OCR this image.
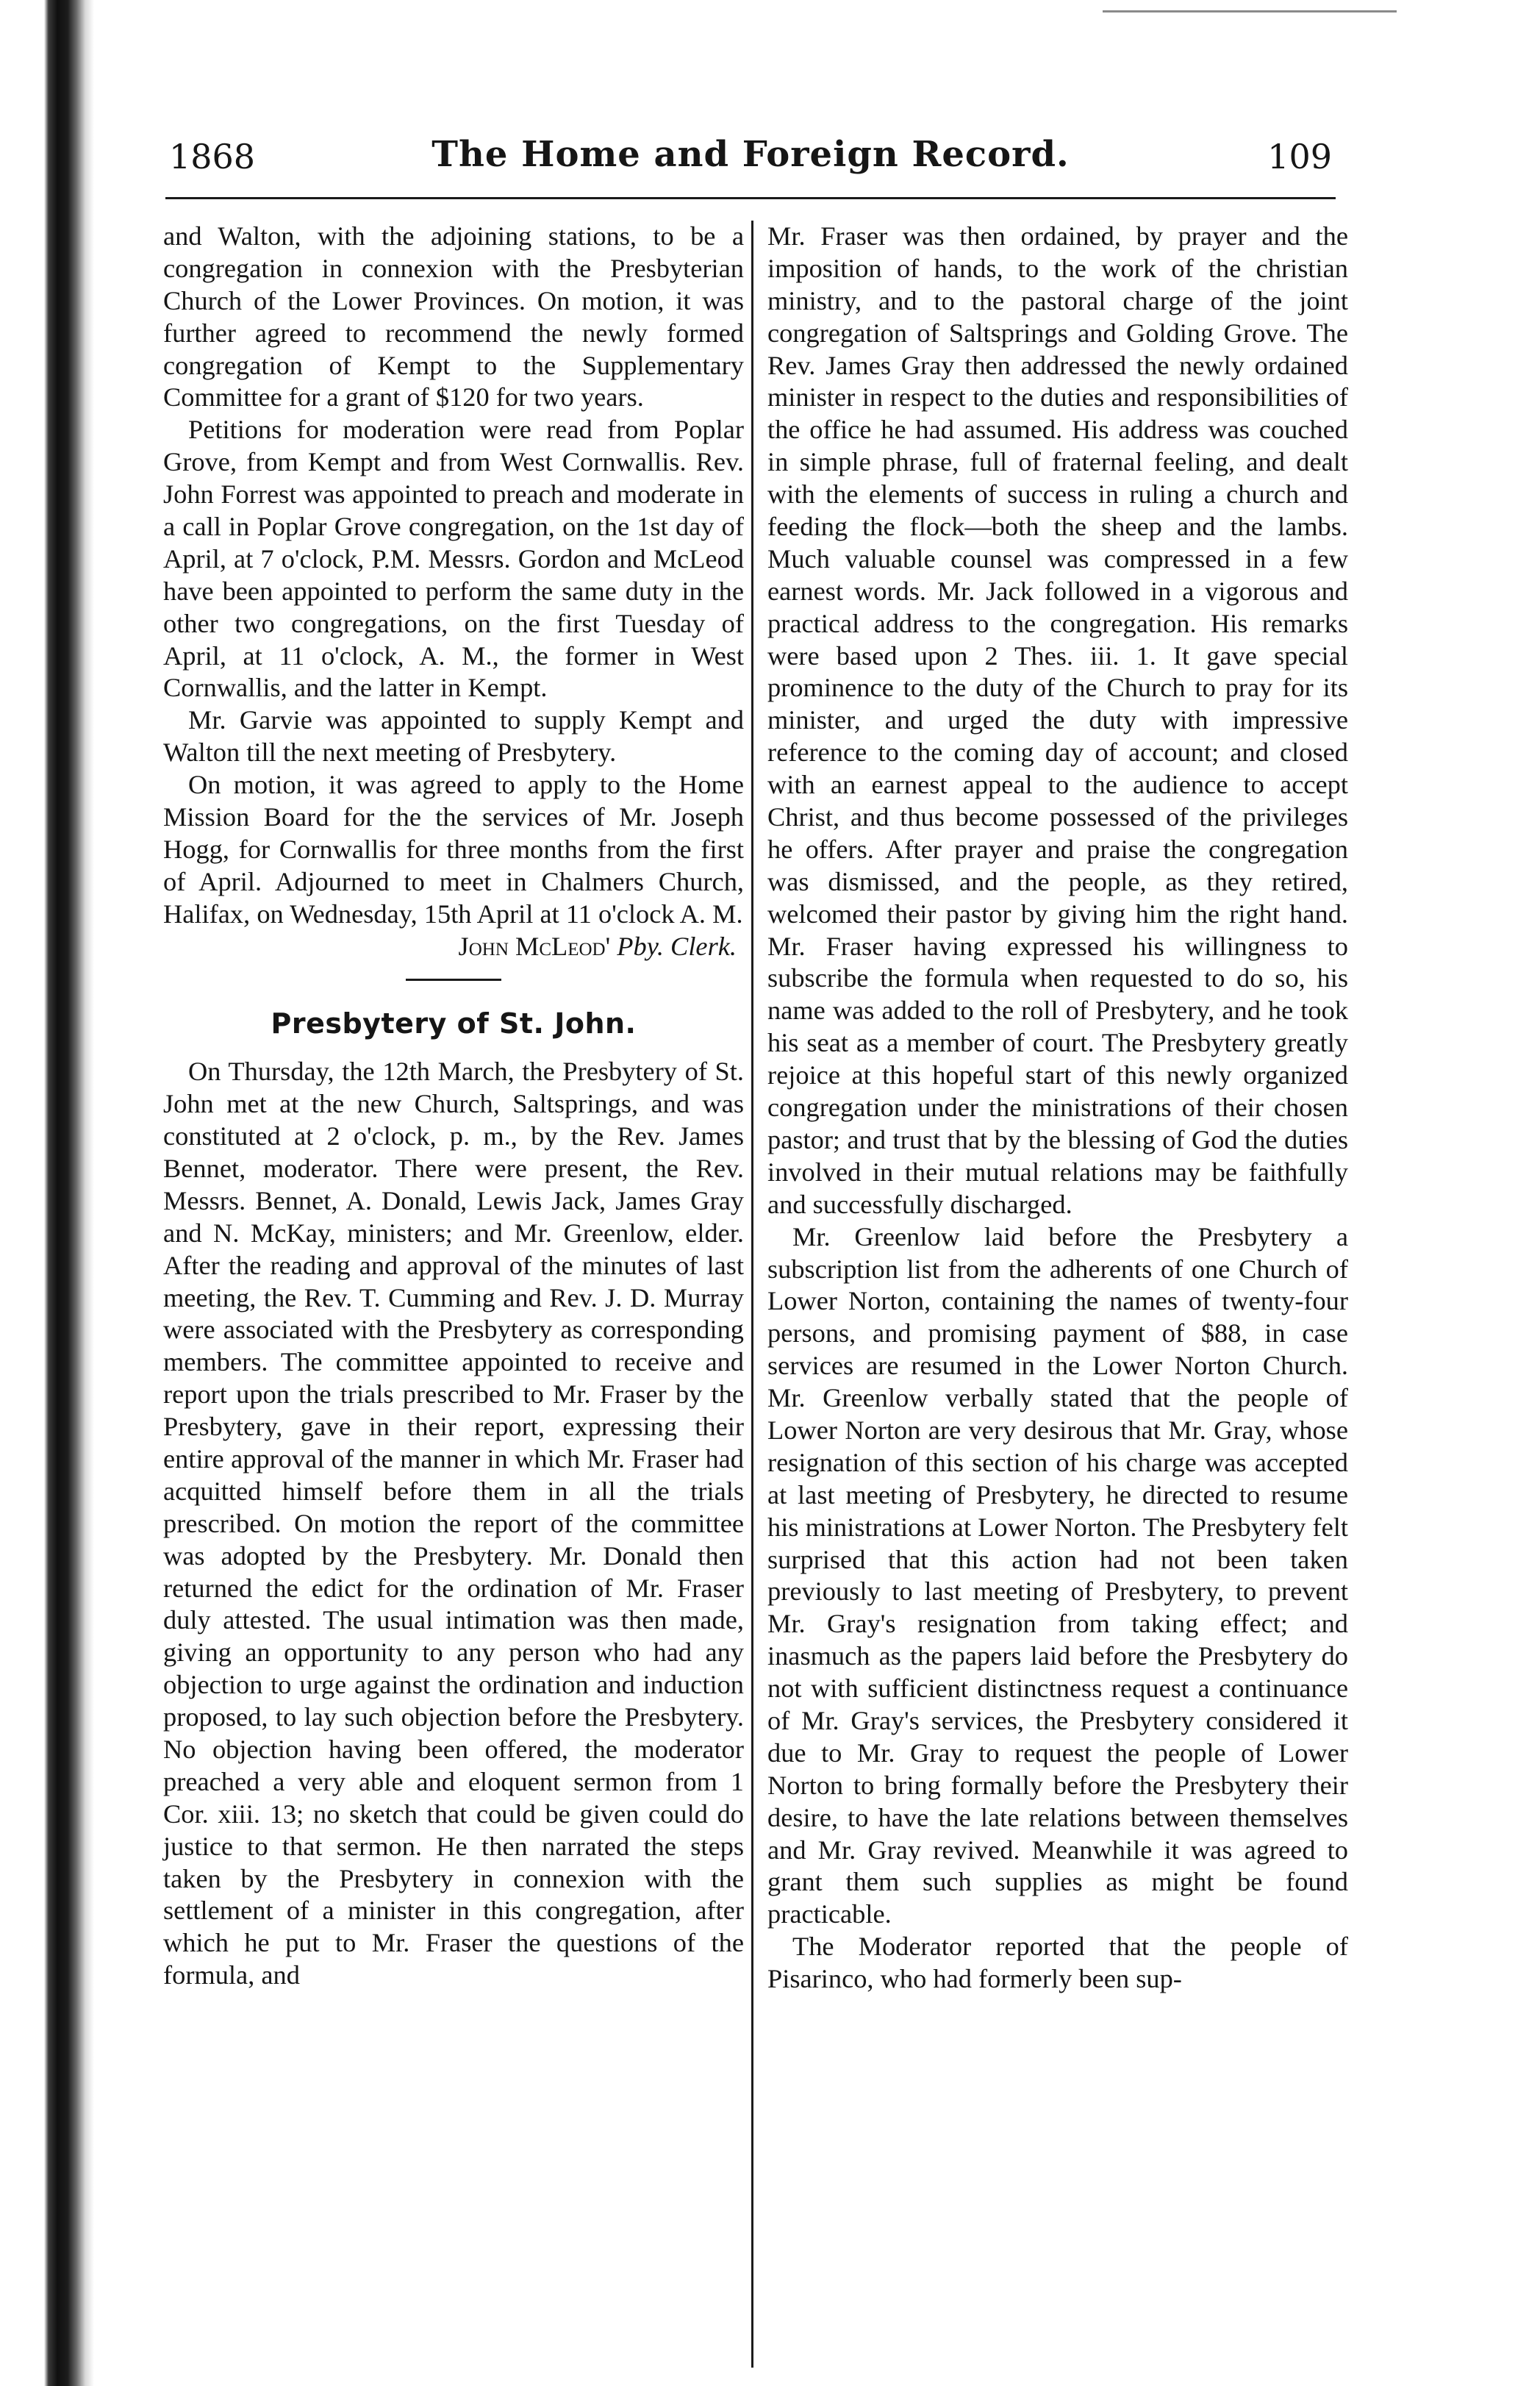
1868	The Home and Foreign Record.	109

and Walton, with the adjoining stations, to be a congregation in connexion with the Presbyterian Church of the Lower Provinces. On motion, it was further agreed to recommend the newly formed congregation of Kempt to the Supplementary Committee for a grant of $120 for two years.

Petitions for moderation were read from Poplar Grove, from Kempt and from West Cornwallis. Rev. John Forrest was appointed to preach and moderate in a call in Poplar Grove congregation, on the 1st day of April, at 7 o'clock, P.M. Messrs. Gordon and McLeod have been appointed to perform the same duty in the other two congregations, on the first Tuesday of April, at 11 o'clock, A. M., the former in West Cornwallis, and the latter in Kempt.

Mr. Garvie was appointed to supply Kempt and Walton till the next meeting of Presbytery.

On motion, it was agreed to apply to the Home Mission Board for the the services of Mr. Joseph Hogg, for Cornwallis for three months from the first of April. Adjourned to meet in Chalmers Church, Halifax, on Wednesday, 15th April at 11 o'clock A. M.

John McLeod' Pby. Clerk.

Presbytery of St. John.

On Thursday, the 12th March, the Presbytery of St. John met at the new Church, Saltsprings, and was constituted at 2 o'clock, p. m., by the Rev. James Bennet, moderator. There were present, the Rev. Messrs. Bennet, A. Donald, Lewis Jack, James Gray and N. McKay, ministers; and Mr. Greenlow, elder. After the reading and approval of the minutes of last meeting, the Rev. T. Cumming and Rev. J. D. Murray were associated with the Presbytery as corresponding members. The committee appointed to receive and report upon the trials prescribed to Mr. Fraser by the Presbytery, gave in their report, expressing their entire approval of the manner in which Mr. Fraser had acquitted himself before them in all the trials prescribed. On motion the report of the committee was adopted by the Presbytery. Mr. Donald then returned the edict for the ordination of Mr. Fraser duly attested. The usual intimation was then made, giving an opportunity to any person who had any objection to urge against the ordination and induction proposed, to lay such objection before the Presbytery. No objection having been offered, the moderator preached a very able and eloquent sermon from 1 Cor. xiii. 13; no sketch that could be given could do justice to that sermon. He then narrated the steps taken by the Presbytery in connexion with the settlement of a minister in this congregation, after which he put to Mr. Fraser the questions of the formula, and

Mr. Fraser was then ordained, by prayer and the imposition of hands, to the work of the christian ministry, and to the pastoral charge of the joint congregation of Saltsprings and Golding Grove. The Rev. James Gray then addressed the newly ordained minister in respect to the duties and responsibilities of the office he had assumed. His address was couched in simple phrase, full of fraternal feeling, and dealt with the elements of success in ruling a church and feeding the flock—both the sheep and the lambs. Much valuable counsel was compressed in a few earnest words. Mr. Jack followed in a vigorous and practical address to the congregation. His remarks were based upon 2 Thes. iii. 1. It gave special prominence to the duty of the Church to pray for its minister, and urged the duty with impressive reference to the coming day of account; and closed with an earnest appeal to the audience to accept Christ, and thus become possessed of the privileges he offers. After prayer and praise the congregation was dismissed, and the people, as they retired, welcomed their pastor by giving him the right hand. Mr. Fraser having expressed his willingness to subscribe the formula when requested to do so, his name was added to the roll of Presbytery, and he took his seat as a member of court. The Presbytery greatly rejoice at this hopeful start of this newly organized congregation under the ministrations of their chosen pastor; and trust that by the blessing of God the duties involved in their mutual relations may be faithfully and successfully discharged.

Mr. Greenlow laid before the Presbytery a subscription list from the adherents of one Church of Lower Norton, containing the names of twenty-four persons, and promising payment of $88, in case services are resumed in the Lower Norton Church. Mr. Greenlow verbally stated that the people of Lower Norton are very desirous that Mr. Gray, whose resignation of this section of his charge was accepted at last meeting of Presbytery, he directed to resume his ministrations at Lower Norton. The Presbytery felt surprised that this action had not been taken previously to last meeting of Presbytery, to prevent Mr. Gray's resignation from taking effect; and inasmuch as the papers laid before the Presbytery do not with sufficient distinctness request a continuance of Mr. Gray's services, the Presbytery considered it due to Mr. Gray to request the people of Lower Norton to bring formally before the Presbytery their desire, to have the late relations between themselves and Mr. Gray revived. Meanwhile it was agreed to grant them such supplies as might be found practicable.

The Moderator reported that the people of Pisarinco, who had formerly been sup-
